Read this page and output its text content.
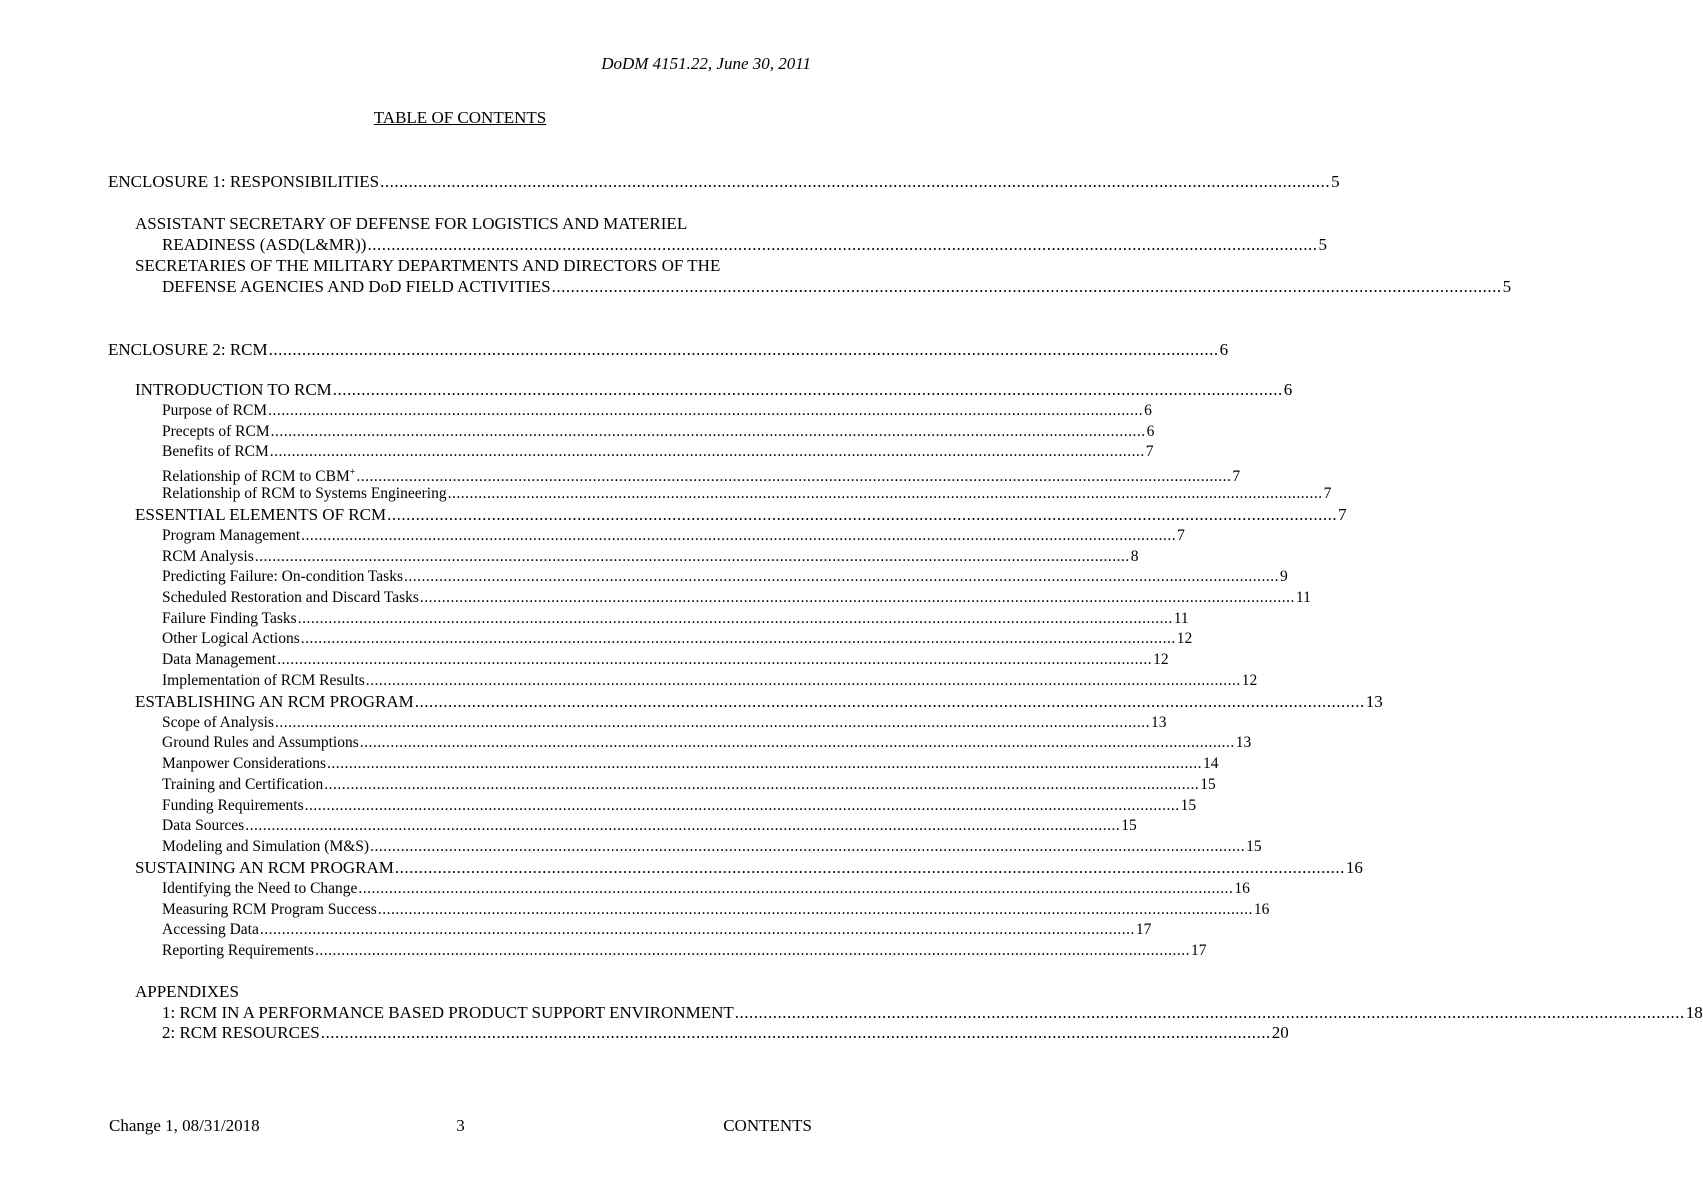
DoDM 4151.22, June 30, 2011
TABLE OF CONTENTS
ENCLOSURE 1: RESPONSIBILITIES ........................................................................................................................................................................................................ 5
ASSISTANT SECRETARY OF DEFENSE FOR LOGISTICS AND MATERIEL
READINESS (ASD(L&MR)) ........................................................................................................................................................................................................ 5
SECRETARIES OF THE MILITARY DEPARTMENTS AND DIRECTORS OF THE
DEFENSE AGENCIES AND DoD FIELD ACTIVITIES ........................................................................................................................................................................................................ 5
ENCLOSURE 2: RCM ........................................................................................................................................................................................................ 6
INTRODUCTION TO RCM ........................................................................................................................................................................................................ 6
Purpose of RCM ........................................................................................................................................................................................................ 6
Precepts of RCM ........................................................................................................................................................................................................ 6
Benefits of RCM ........................................................................................................................................................................................................ 7
Relationship of RCM to CBM+ ........................................................................................................................................................................................................ 7
Relationship of RCM to Systems Engineering ........................................................................................................................................................................................................ 7
ESSENTIAL ELEMENTS OF RCM ........................................................................................................................................................................................................ 7
Program Management ........................................................................................................................................................................................................ 7
RCM Analysis ........................................................................................................................................................................................................ 8
Predicting Failure: On-condition Tasks ........................................................................................................................................................................................................ 9
Scheduled Restoration and Discard Tasks ........................................................................................................................................................................................................ 11
Failure Finding Tasks ........................................................................................................................................................................................................ 11
Other Logical Actions ........................................................................................................................................................................................................ 12
Data Management ........................................................................................................................................................................................................ 12
Implementation of RCM Results ........................................................................................................................................................................................................ 12
ESTABLISHING AN RCM PROGRAM ........................................................................................................................................................................................................ 13
Scope of Analysis ........................................................................................................................................................................................................ 13
Ground Rules and Assumptions ........................................................................................................................................................................................................ 13
Manpower Considerations ........................................................................................................................................................................................................ 14
Training and Certification ........................................................................................................................................................................................................ 15
Funding Requirements ........................................................................................................................................................................................................ 15
Data Sources ........................................................................................................................................................................................................ 15
Modeling and Simulation (M&S) ........................................................................................................................................................................................................ 15
SUSTAINING AN RCM PROGRAM ........................................................................................................................................................................................................ 16
Identifying the Need to Change ........................................................................................................................................................................................................ 16
Measuring RCM Program Success ........................................................................................................................................................................................................ 16
Accessing Data ........................................................................................................................................................................................................ 17
Reporting Requirements ........................................................................................................................................................................................................ 17
APPENDIXES
1: RCM IN A PERFORMANCE BASED PRODUCT SUPPORT ENVIRONMENT ........................................................................................................................................................................................................ 18
2: RCM RESOURCES ........................................................................................................................................................................................................ 20
Change 1, 08/31/2018	3	CONTENTS
